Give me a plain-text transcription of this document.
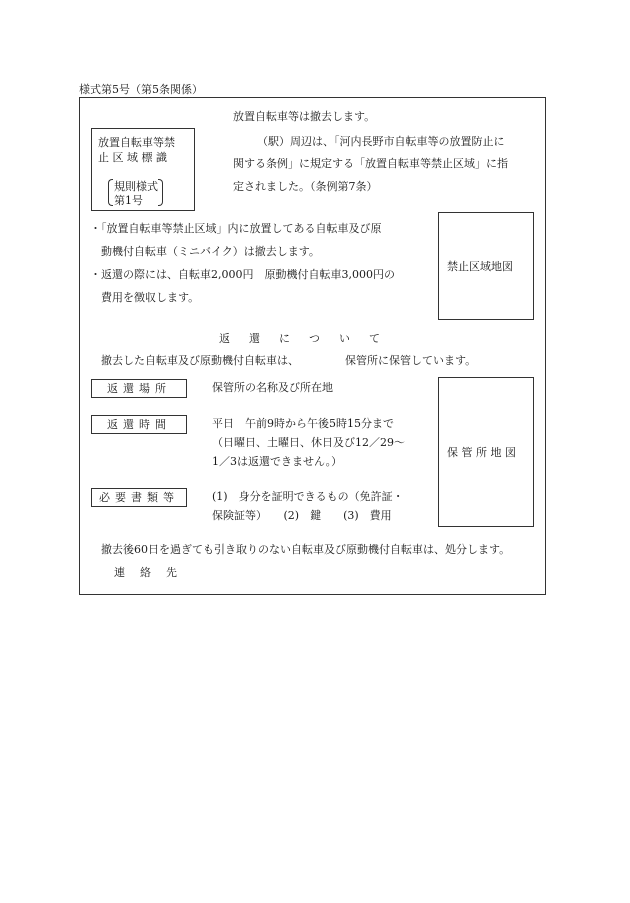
様式第5号（第5条関係）
放置自転車等禁
止 区 域 標 識
規則様式
第1号
放置自転車等は撤去します。
（駅）周辺は、「河内長野市自転車等の放置防止に
関する条例」に規定する「放置自転車等禁止区域」に指
定されました。（条例第7条）
・「放置自転車等禁止区域」内に放置してある自転車及び原
動機付自転車（ミニバイク）は撤去します。
・返還の際には、自転車2,000円　原動機付自転車3,000円の
費用を徴収します。
禁止区域地図
返　還　に　つ　い　て
撤去した自転車及び原動機付自転車は、	保管所に保管しています。
返還場所	保管所の名称及び所在地
返還時間	平日　午前9時から午後5時15分まで
（日曜日、土曜日、休日及び12／29～
1／3は返還できません。）
必要書類等	(1)　身分を証明できるもの（免許証・
保険証等）　　(2)　鍵　　(3)　費用
保 管 所 地 図
撤去後60日を過ぎても引き取りのない自転車及び原動機付自転車は、処分します。
連　絡　先
